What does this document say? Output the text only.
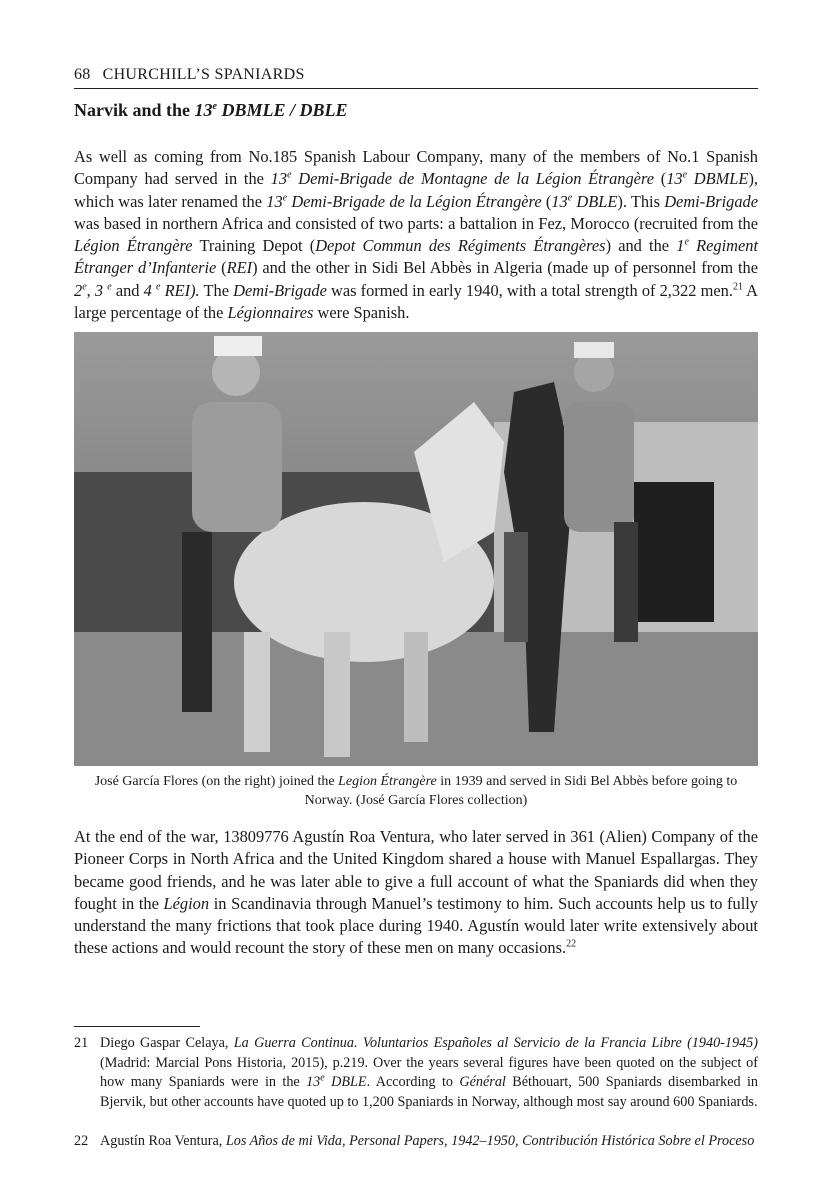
68 CHURCHILL’S SPANIARDS
Narvik and the 13e DBMLE / DBLE

As well as coming from No.185 Spanish Labour Company, many of the members of No.1 Spanish Company had served in the 13e Demi-Brigade de Montagne de la Légion Étrangère (13e DBMLE), which was later renamed the 13e Demi-Brigade de la Légion Étrangère (13e DBLE). This Demi-Brigade was based in northern Africa and consisted of two parts: a battalion in Fez, Morocco (recruited from the Légion Étrangère Training Depot (Depot Commun des Régiments Étrangères) and the 1e Regiment Étranger d’Infanterie (REI) and the other in Sidi Bel Abbès in Algeria (made up of personnel from the 2e, 3 $^e$ and 4 $^e$ REI). The Demi-Brigade was formed in early 1940, with a total strength of 2,322 men.$^{21}$ A large percentage of the Légionnaires were Spanish.

José García Flores (on the right) joined the Legion Étrangère in 1939 and served in Sidi Bel Abbès before going to Norway. (José García Flores collection)

At the end of the war, 13809776 Agustín Roa Ventura, who later served in 361 (Alien) Company of the Pioneer Corps in North Africa and the United Kingdom shared a house with Manuel Espallargas. They became good friends, and he was later able to give a full account of what the Spaniards did when they fought in the Légion in Scandinavia through Manuel’s testimony to him. Such accounts help us to fully understand the many frictions that took place during 1940. Agustín would later write extensively about these actions and would recount the story of these men on many occasions.$^{22}$

21 Diego Gaspar Celaya, La Guerra Continua. Voluntarios Españoles al Servicio de la Francia Libre (1940-1945) (Madrid: Marcial Pons Historia, 2015), p.219. Over the years several figures have been quoted on the subject of how many Spaniards were in the 13e DBLE. According to Général Béthouart, 500 Spaniards disembarked in Bjervik, but other accounts have quoted up to 1,200 Spaniards in Norway, although most say around 600 Spaniards.
22 Agustín Roa Ventura, Los Años de mi Vida, Personal Papers, 1942–1950, Contribución Histórica Sobre el Proceso
